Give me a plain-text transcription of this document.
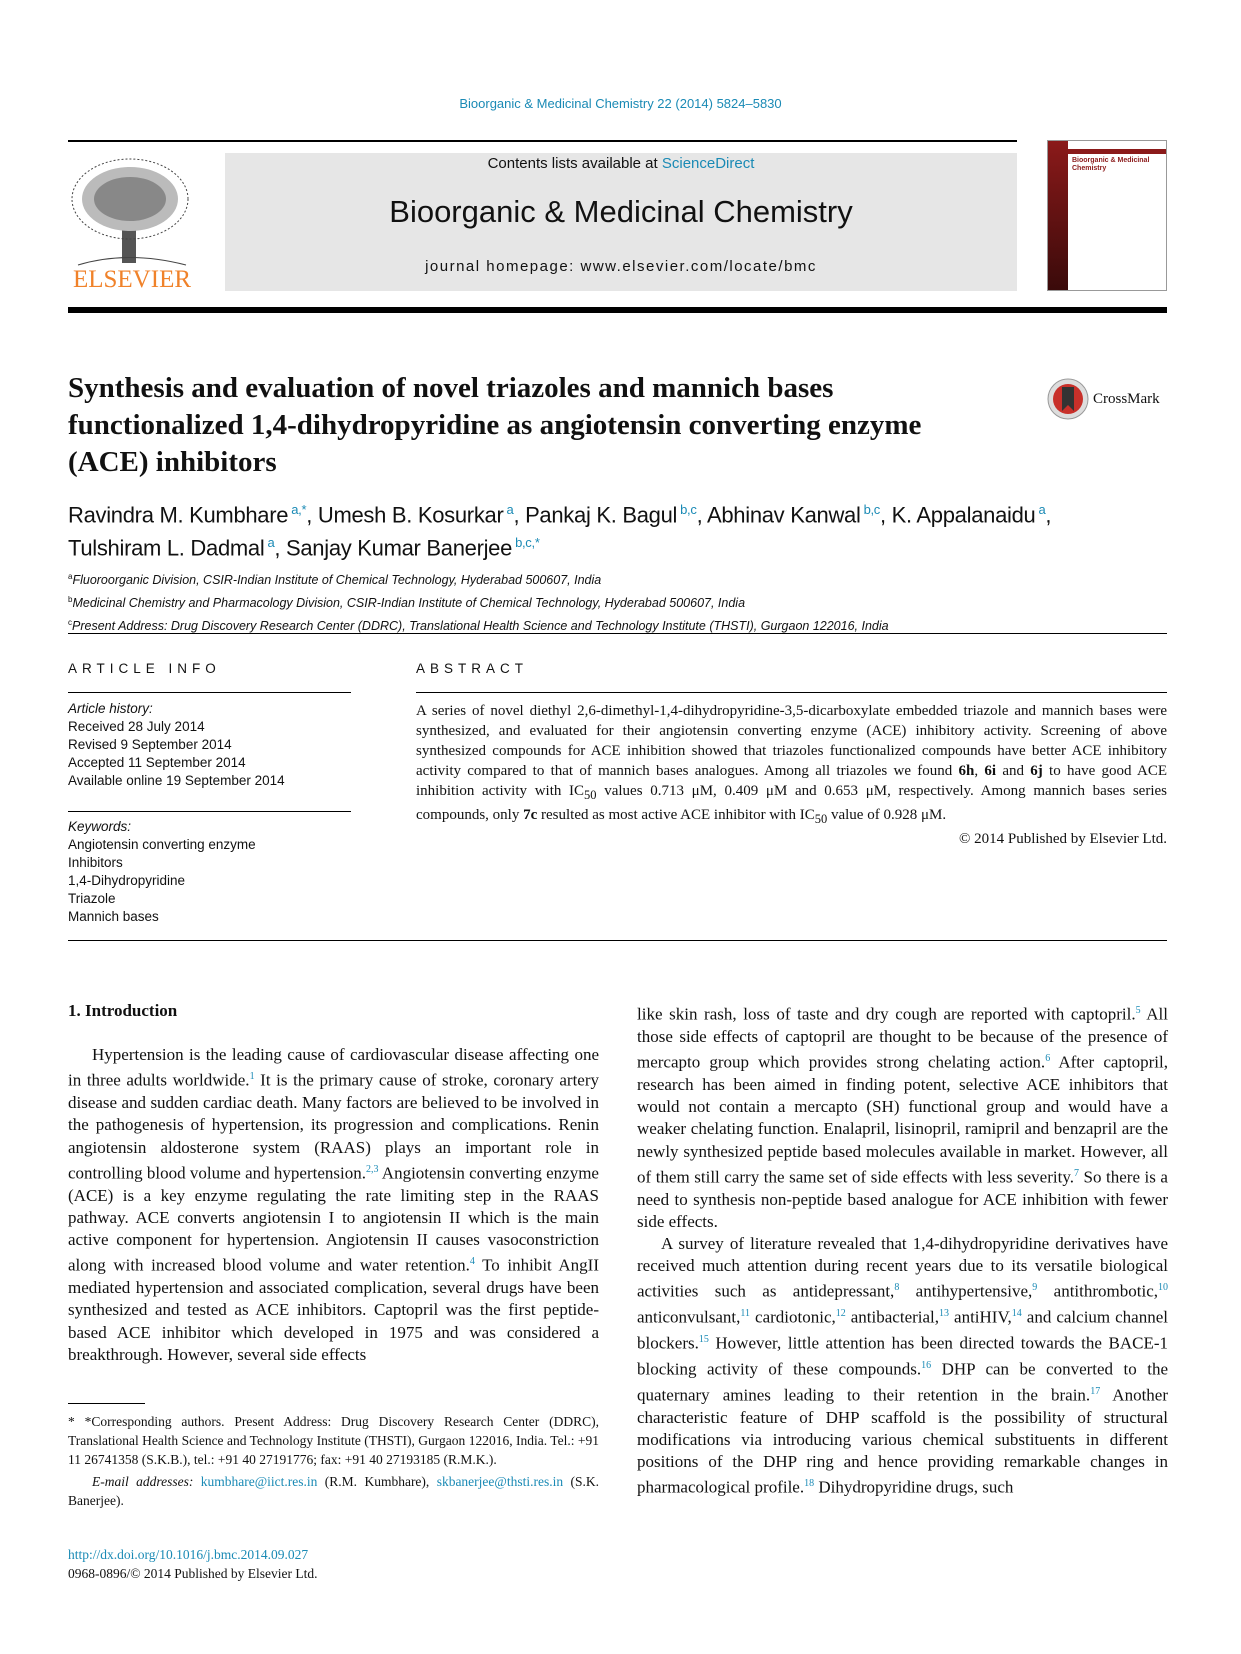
Bioorganic & Medicinal Chemistry 22 (2014) 5824–5830
ELSEVIER
Contents lists available at ScienceDirect
Bioorganic & Medicinal Chemistry
journal homepage: www.elsevier.com/locate/bmc
Bioorganic & Medicinal Chemistry
Synthesis and evaluation of novel triazoles and mannich bases functionalized 1,4-dihydropyridine as angiotensin converting enzyme (ACE) inhibitors
CrossMark
Ravindra M. Kumbhare $^{a,*}$, Umesh B. Kosurkar $^a$, Pankaj K. Bagul $^{b,c}$, Abhinav Kanwal $^{b,c}$, K. Appalanaidu $^a$,
Tulshiram L. Dadmal $^a$, Sanjay Kumar Banerjee $^{b,c,*}$
$^a$Fluoroorganic Division, CSIR-Indian Institute of Chemical Technology, Hyderabad 500607, India
$^b$Medicinal Chemistry and Pharmacology Division, CSIR-Indian Institute of Chemical Technology, Hyderabad 500607, India
$^c$Present Address: Drug Discovery Research Center (DDRC), Translational Health Science and Technology Institute (THSTI), Gurgaon 122016, India
ARTICLE INFO
Article history:
Received 28 July 2014
Revised 9 September 2014
Accepted 11 September 2014
Available online 19 September 2014
Keywords:
Angiotensin converting enzyme
Inhibitors
1,4-Dihydropyridine
Triazole
Mannich bases
ABSTRACT

A series of novel diethyl 2,6-dimethyl-1,4-dihydropyridine-3,5-dicarboxylate embedded triazole and mannich bases were synthesized, and evaluated for their angiotensin converting enzyme (ACE) inhibitory activity. Screening of above synthesized compounds for ACE inhibition showed that triazoles functionalized compounds have better ACE inhibitory activity compared to that of mannich bases analogues. Among all triazoles we found 6h, 6i and 6j to have good ACE inhibition activity with $IC_{50}$ values 0.713 μM, 0.409 μM and 0.653 μM, respectively. Among mannich bases series compounds, only 7c resulted as most active ACE inhibitor with $IC_{50}$ value of 0.928 μM.

© 2014 Published by Elsevier Ltd.

1. Introduction

Hypertension is the leading cause of cardiovascular disease affecting one in three adults worldwide.$^1$ It is the primary cause of stroke, coronary artery disease and sudden cardiac death. Many factors are believed to be involved in the pathogenesis of hypertension, its progression and complications. Renin angiotensin aldosterone system (RAAS) plays an important role in controlling blood volume and hypertension.$^{2,3}$ Angiotensin converting enzyme (ACE) is a key enzyme regulating the rate limiting step in the RAAS pathway. ACE converts angiotensin I to angiotensin II which is the main active component for hypertension. Angiotensin II causes vasoconstriction along with increased blood volume and water retention.$^4$ To inhibit AngII mediated hypertension and associated complication, several drugs have been synthesized and tested as ACE inhibitors. Captopril was the first peptide-based ACE inhibitor which developed in 1975 and was considered a breakthrough. However, several side effects

like skin rash, loss of taste and dry cough are reported with captopril.$^5$ All those side effects of captopril are thought to be because of the presence of mercapto group which provides strong chelating action.$^6$ After captopril, research has been aimed in finding potent, selective ACE inhibitors that would not contain a mercapto (SH) functional group and would have a weaker chelating function. Enalapril, lisinopril, ramipril and benzapril are the newly synthesized peptide based molecules available in market. However, all of them still carry the same set of side effects with less severity.$^7$ So there is a need to synthesis non-peptide based analogue for ACE inhibition with fewer side effects.

A survey of literature revealed that 1,4-dihydropyridine derivatives have received much attention during recent years due to its versatile biological activities such as antidepressant,$^8$ antihypertensive,$^9$ antithrombotic,$^{10}$ anticonvulsant,$^{11}$ cardiotonic,$^{12}$ antibacterial,$^{13}$ antiHIV,$^{14}$ and calcium channel blockers.$^{15}$ However, little attention has been directed towards the BACE-1 blocking activity of these compounds.$^{16}$ DHP can be converted to the quaternary amines leading to their retention in the brain.$^{17}$ Another characteristic feature of DHP scaffold is the possibility of structural modifications via introducing various chemical substituents in different positions of the DHP ring and hence providing remarkable changes in pharmacological profile.$^{18}$ Dihydropyridine drugs, such

* *Corresponding authors. Present Address: Drug Discovery Research Center (DDRC), Translational Health Science and Technology Institute (THSTI), Gurgaon 122016, India. Tel.: +91 11 26741358 (S.K.B.), tel.: +91 40 27191776; fax: +91 40 27193185 (R.M.K.).

E-mail addresses: kumbhare@iict.res.in (R.M. Kumbhare), skbanerjee@thsti.res.in (S.K. Banerjee).

http://dx.doi.org/10.1016/j.bmc.2014.09.027
0968-0896/© 2014 Published by Elsevier Ltd.
